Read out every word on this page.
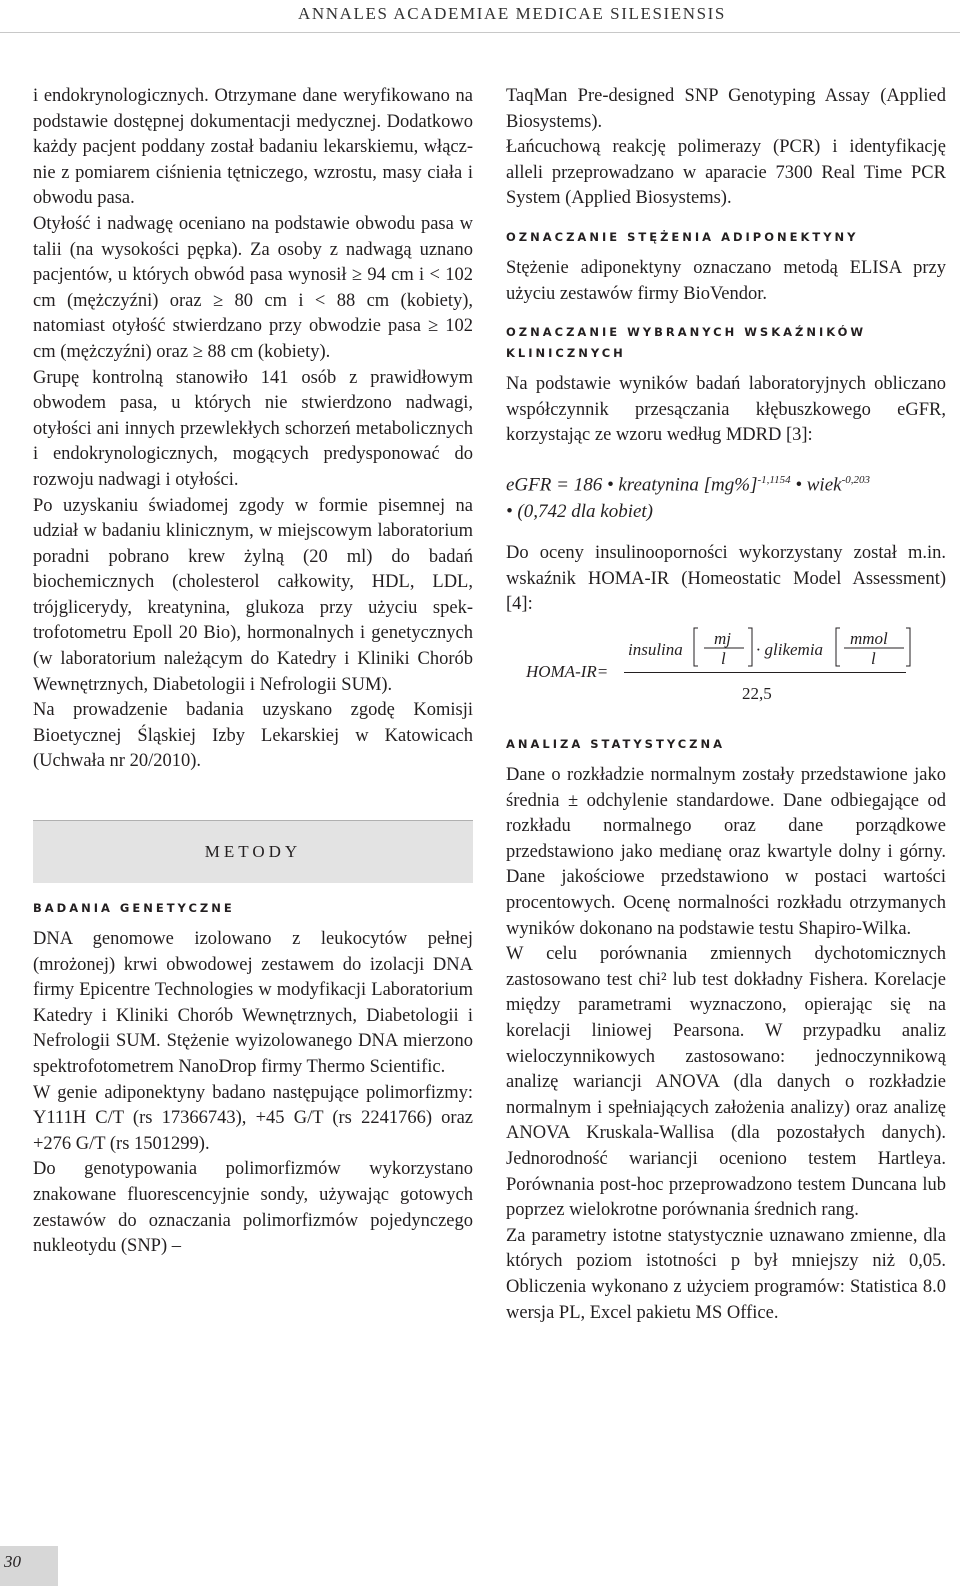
ANNALES ACADEMIAE MEDICAE SILESIENSIS

i endokrynologicznych. Otrzymane dane weryfikowano na podstawie dostępnej dokumentacji medycznej. Dodatkowo każdy pacjent poddany został badaniu lekarskiemu, włącznie z pomiarem ciśnienia tętniczego, wzrostu, masy ciała i obwodu pasa.

Otyłość i nadwagę oceniano na podstawie obwodu pasa w talii (na wysokości pępka). Za osoby z nadwagą uznano pacjentów, u których obwód pasa wynosił ≥ 94 cm i < 102 cm (mężczyźni) oraz ≥ 80 cm i < 88 cm (kobiety), natomiast otyłość stwierdzano przy obwodzie pasa ≥ 102 cm (mężczyźni) oraz ≥ 88 cm (kobiety).

Grupę kontrolną stanowiło 141 osób z prawidłowym obwodem pasa, u których nie stwierdzono nadwagi, otyłości ani innych przewlekłych schorzeń metabolicznych i endokrynologicznych, mogących predysponować do rozwoju nadwagi i otyłości.

Po uzyskaniu świadomej zgody w formie pisemnej na udział w badaniu klinicznym, w miejscowym laboratorium poradni pobrano krew żylną (20 ml) do badań biochemicznych (cholesterol całkowity, HDL, LDL, trójglicerydy, kreatynina, glukoza przy użyciu spektrofotometru Epoll 20 Bio), hormonalnych i genetycznych (w laboratorium należącym do Katedry i Kliniki Chorób Wewnętrznych, Diabetologii i Nefrologii SUM).

Na prowadzenie badania uzyskano zgodę Komisji Bioetycznej Śląskiej Izby Lekarskiej w Katowicach (Uchwała nr 20/2010).

METODY
BADANIA GENETYCZNE

DNA genomowe izolowano z leukocytów pełnej (mrożonej) krwi obwodowej zestawem do izolacji DNA firmy Epicentre Technologies w modyfikacji Laboratorium Katedry i Kliniki Chorób Wewnętrznych, Diabetologii i Nefrologii SUM. Stężenie wyizolowanego DNA mierzono spektrofotometrem NanoDrop firmy Thermo Scientific.

W genie adiponektyny badano następujące polimorfizmy: Y111H C/T (rs 17366743), +45 G/T (rs 2241766) oraz +276 G/T (rs 1501299).

Do genotypowania polimorfizmów wykorzystano znakowane fluorescencyjnie sondy, używając gotowych zestawów do oznaczania polimorfizmów pojedynczego nukleotydu (SNP) –

TaqMan Pre-designed SNP Genotyping Assay (Applied Biosystems).

Łańcuchową reakcję polimerazy (PCR) i identyfikację alleli przeprowadzano w aparacie 7300 Real Time PCR System (Applied Biosystems).

OZNACZANIE STĘŻENIA ADIPONEKTYNY

Stężenie adiponektyny oznaczano metodą ELISA przy użyciu zestawów firmy BioVendor.

OZNACZANIE WYBRANYCH WSKAŹNIKÓW KLINICZNYCH

Na podstawie wyników badań laboratoryjnych obliczano współczynnik przesączania kłębuszkowego eGFR, korzystając ze wzoru według MDRD [3]:

eGFR = 186 • kreatynina $[mg\%]^{-1,1154}$ • wiek$^{-0,203}$
• (0,742 dla kobiet)

Do oceny insulinooporności wykorzystany został m.in. wskaźnik HOMA-IR (Homeostatic Model Assessment) [4]:

HOMA-IR=
insulina
mj
l · glikemia
mmol
l
22,5
ANALIZA STATYSTYCZNA

Dane o rozkładzie normalnym zostały przedstawione jako średnia ± odchylenie standardowe. Dane odbiegające od rozkładu normalnego oraz dane porządkowe przedstawiono jako medianę oraz kwartyle dolny i górny. Dane jakościowe przedstawiono w postaci wartości procentowych. Ocenę normalności rozkładu otrzymanych wyników dokonano na podstawie testu Shapiro-Wilka.

W celu porównania zmiennych dychotomicznych zastosowano test chi² lub test dokładny Fishera. Korelacje między parametrami wyznaczono, opierając się na korelacji liniowej Pearsona. W przypadku analiz wieloczynnikowych zastosowano: jednoczynnikową analizę wariancji ANOVA (dla danych o rozkładzie normalnym i spełniających założenia analizy) oraz analizę ANOVA Kruskala-Wallisa (dla pozostałych danych). Jednorodność wariancji oceniono testem Hartleya. Porównania post-hoc przeprowadzono testem Duncana lub poprzez wielokrotne porównania średnich rang.

Za parametry istotne statystycznie uznawano zmienne, dla których poziom istotności p był mniejszy niż 0,05. Obliczenia wykonano z użyciem programów: Statistica 8.0 wersja PL, Excel pakietu MS Office.

30
